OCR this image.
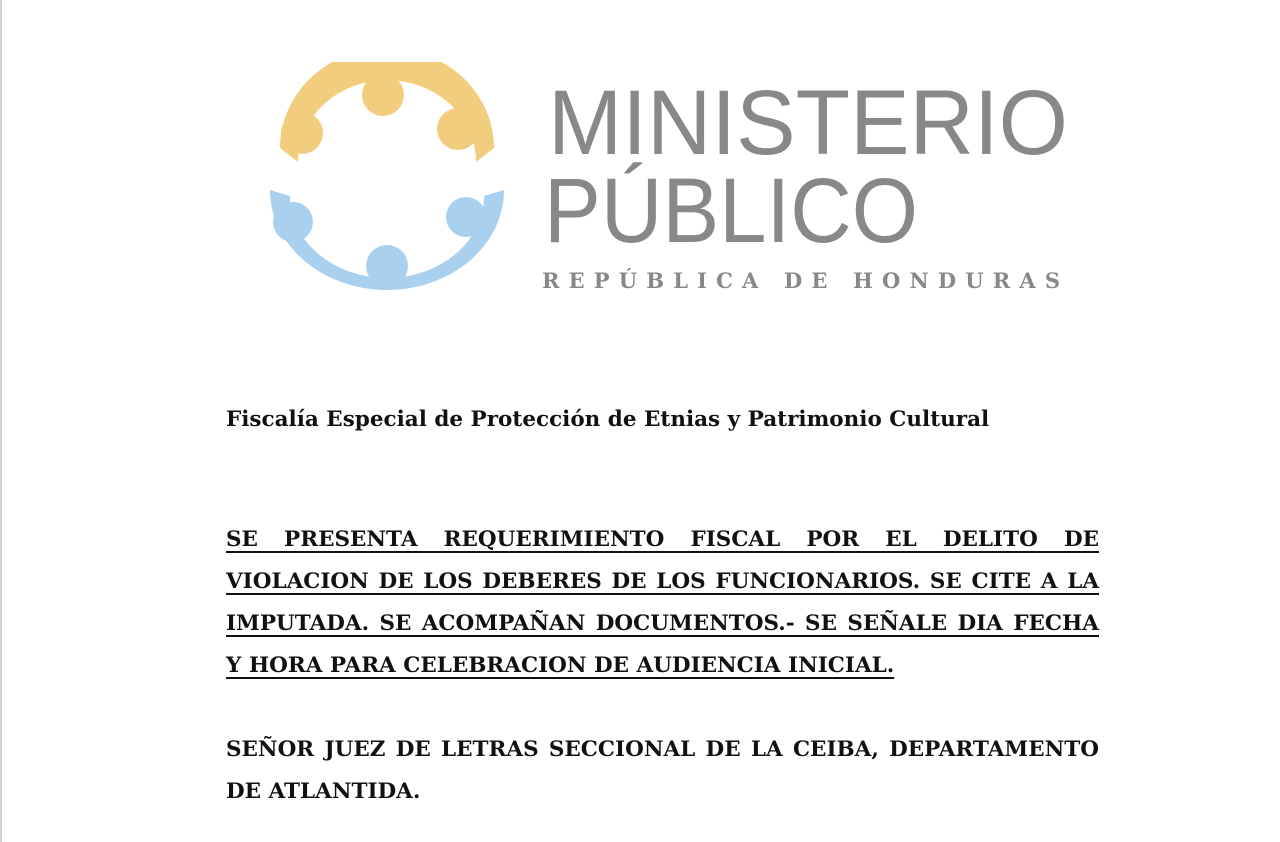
MINISTERIO
PÚBLICO
REPÚBLICA DE HONDURAS

Fiscalía Especial de Protección de Etnias y Patrimonio Cultural

SE PRESENTA REQUERIMIENTO FISCAL POR EL DELITO DE VIOLACION DE LOS DEBERES DE LOS FUNCIONARIOS. SE CITE A LA IMPUTADA. SE ACOMPAÑAN DOCUMENTOS.- SE SEÑALE DIA FECHA Y HORA PARA CELEBRACION DE AUDIENCIA INICIAL.

SEÑOR JUEZ DE LETRAS SECCIONAL DE LA CEIBA, DEPARTAMENTO DE ATLANTIDA.
